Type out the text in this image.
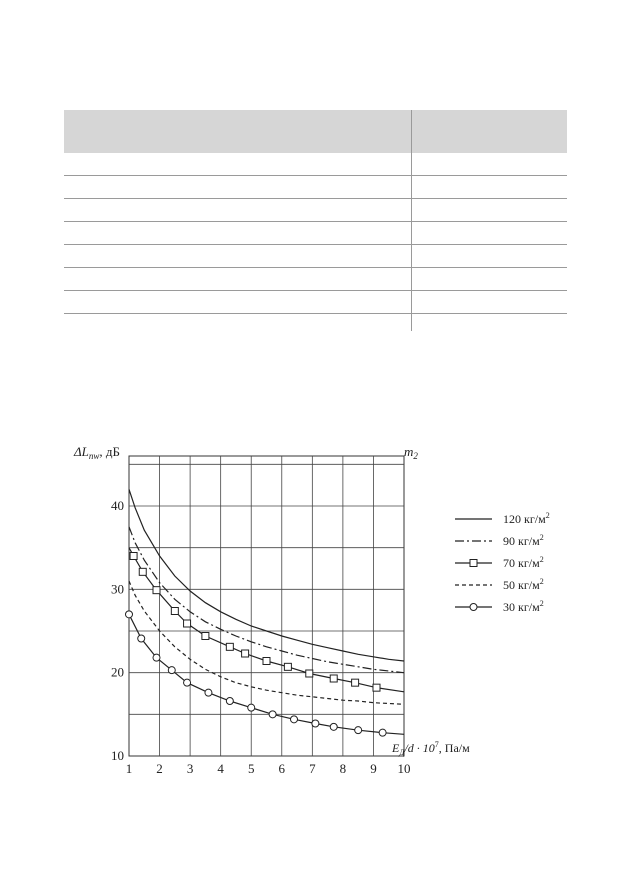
1 2 3 4 5 6 7 8 9 10
10
20
30
40
$\Delta L_{пw}$, дБ	$m_2$
$E_Д/d \cdot 10^7$, Па/м
120 $кг/м^2$
90 $кг/м^2$
70 $кг/м^2$
50 $кг/м^2$
30 $кг/м^2$
